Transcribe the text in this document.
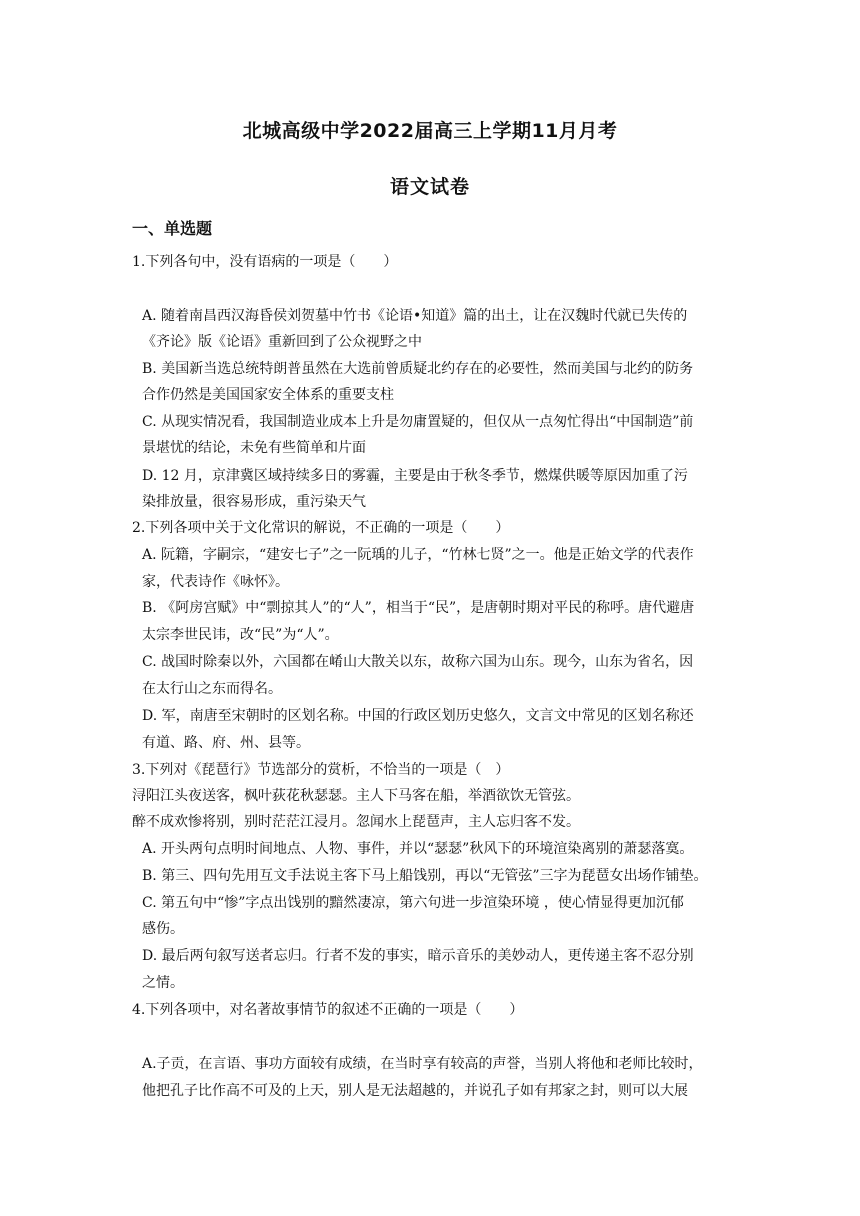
北城高级中学2022届高三上学期11月月考
语文试卷
一、单选题
1.下列各句中，没有语病的一项是（　　）
A. 随着南昌西汉海昏侯刘贺墓中竹书《论语•知道》篇的出土，让在汉魏时代就已失传的
《齐论》版《论语》重新回到了公众视野之中
B. 美国新当选总统特朗普虽然在大选前曾质疑北约存在的必要性，然而美国与北约的防务
合作仍然是美国国家安全体系的重要支柱
C. 从现实情况看，我国制造业成本上升是勿庸置疑的，但仅从一点匆忙得出“中国制造”前
景堪忧的结论，未免有些简单和片面
D. 12 月，京津冀区域持续多日的雾霾，主要是由于秋冬季节，燃煤供暖等原因加重了污
染排放量，很容易形成，重污染天气
2.下列各项中关于文化常识的解说，不正确的一项是（　　）
A. 阮籍，字嗣宗，“建安七子”之一阮瑀的儿子，“竹林七贤”之一。他是正始文学的代表作
家，代表诗作《咏怀》。
B. 《阿房宫赋》中“剽掠其人”的“人”，相当于“民”，是唐朝时期对平民的称呼。唐代避唐
太宗李世民讳，改“民”为“人”。
C. 战国时除秦以外，六国都在崤山大散关以东，故称六国为山东。现今，山东为省名，因
在太行山之东而得名。
D. 军，南唐至宋朝时的区划名称。中国的行政区划历史悠久，文言文中常见的区划名称还
有道、路、府、州、县等。
3.下列对《琵琶行》节选部分的赏析，不恰当的一项是（　）
浔阳江头夜送客，枫叶荻花秋瑟瑟。主人下马客在船，举酒欲饮无管弦。
醉不成欢惨将别，别时茫茫江浸月。忽闻水上琵琶声，主人忘归客不发。
A. 开头两句点明时间地点、人物、事件，并以“瑟瑟”秋风下的环境渲染离别的萧瑟落寞。
B. 第三、四句先用互文手法说主客下马上船饯别，再以“无管弦”三字为琵琶女出场作铺垫。
C. 第五句中“惨”字点出饯别的黯然凄凉，第六句进一步渲染环境 ，使心情显得更加沉郁
感伤。
D. 最后两句叙写送者忘归。行者不发的事实，暗示音乐的美妙动人，更传递主客不忍分别
之情。
4.下列各项中，对名著故事情节的叙述不正确的一项是（　　）
A.子贡，在言语、事功方面较有成绩，在当时享有较高的声誉，当别人将他和老师比较时，
他把孔子比作高不可及的上天，别人是无法超越的，并说孔子如有邦家之封，则可以大展
